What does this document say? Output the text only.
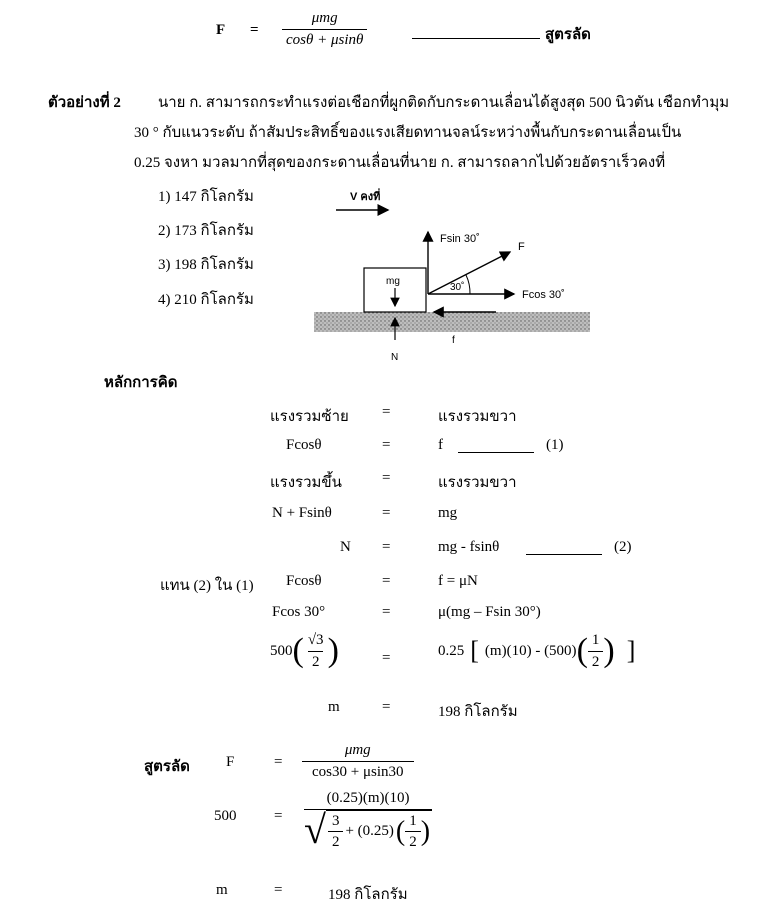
$F = \frac{\text{μmg}}{\cos\theta + \mu\sin\theta}$	สูตรลัด
ตัวอย่างที่ 2 นาย ก. สามารถกระทำแรงต่อเชือกที่ผูกติดกับกระดานเลื่อนได้สูงสุด 500 นิวตัน เชือกทำมุม
30 ° กับแนวระดับ ถ้าสัมประสิทธิ์ของแรงเสียดทานจลน์ระหว่างพื้นกับกระดานเลื่อนเป็น
0.25 จงหา มวลมากที่สุดของกระดานเลื่อนที่นาย ก. สามารถลากไปด้วยอัตราเร็วคงที่
1) 147 กิโลกรัม
2) 173 กิโลกรัม
3) 198 กิโลกรัม
4) 210 กิโลกรัม
V คงที่
mg
N
Fsin 30˚
F
30˚
Fcos 30˚
f
หลักการคิด
แรงรวมซ้าย =	แรงรวมขวา
Fcosθ	=	f	(1)
แรงรวมขึ้น	=	แรงรวมขวา
N + Fsinθ	=	mg
N =	mg - fsinθ	(2)
แทน (2) ใน (1) Fcosθ	=	f = μN
Fcos 30°	=	μ(mg – Fsin 30°)
500 ( $\frac{√3}{2}$ )	=	0.25 [ (m)(10) - (500) ( $\frac{1}{2}$ ) ]
m	=	198 กิโลกรัม
สูตรลัด F	= $\frac{\text{μmg}}{\cos 30 + \mu\sin 30}$
500	=
(0.25)(m)(10)
√ $\frac{3}{2} + (0.25)$ ( $\frac{1}{2}$ )
m	=	198 กิโลกรัม
